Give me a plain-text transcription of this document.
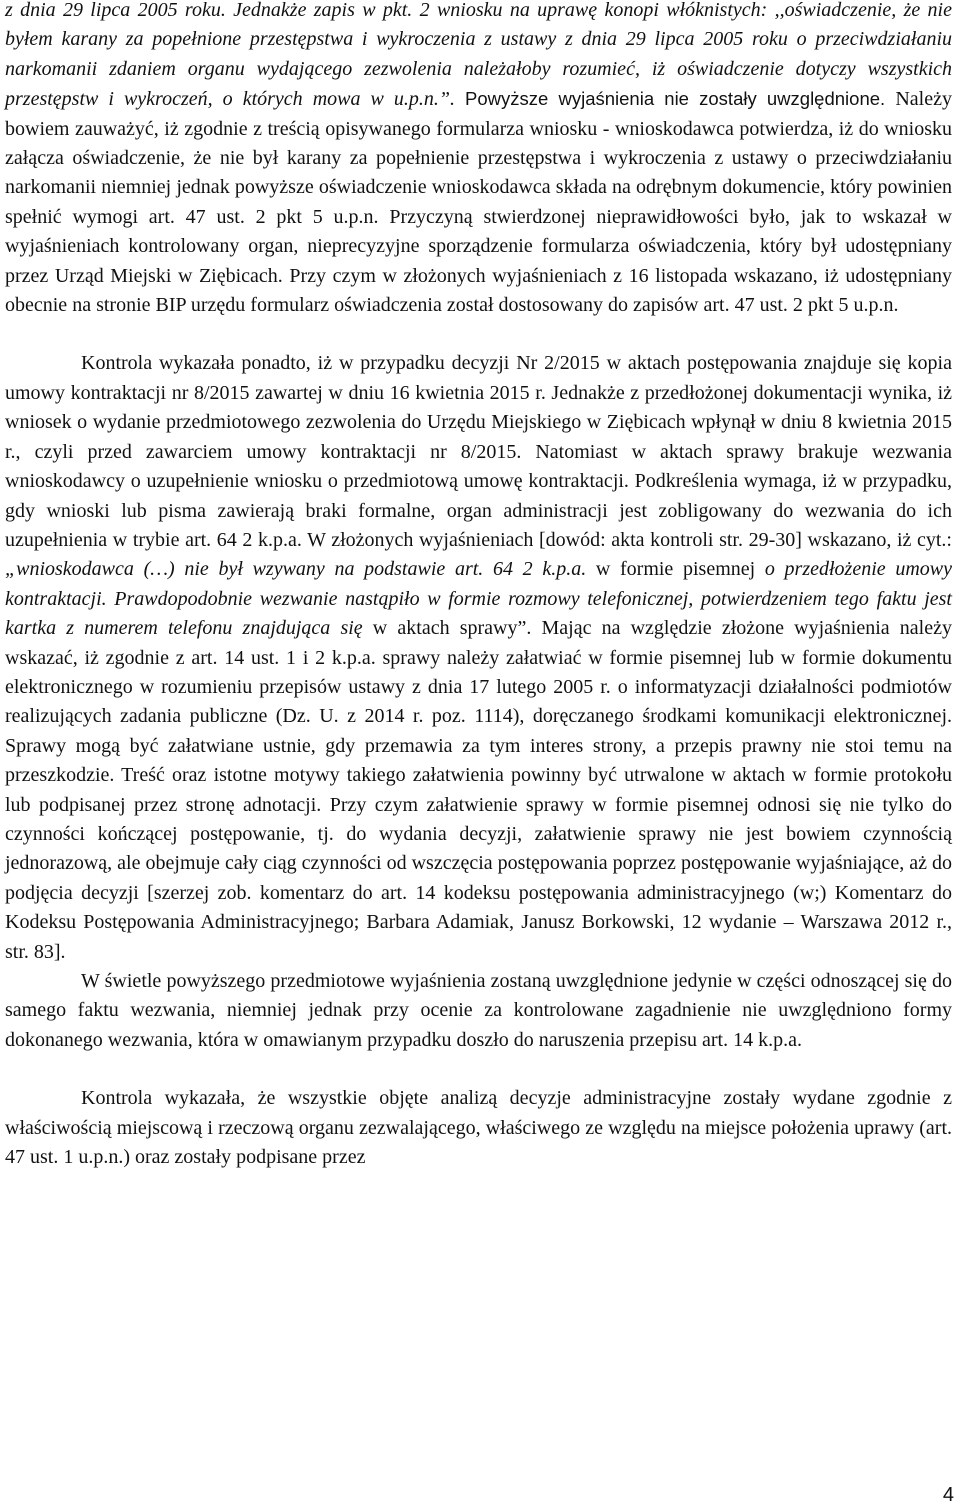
z dnia 29 lipca 2005 roku. Jednakże zapis w pkt. 2 wniosku na uprawę konopi włóknistych: ,,oświadczenie, że nie byłem karany za popełnione przestępstwa i wykroczenia z ustawy z dnia 29 lipca 2005 roku o przeciwdziałaniu narkomanii zdaniem organu wydającego zezwolenia należałoby rozumieć, iż oświadczenie dotyczy wszystkich przestępstw i wykroczeń, o których mowa w u.p.n.”. Powyższe wyjaśnienia nie zostały uwzględnione. Należy bowiem zauważyć, iż zgodnie z treścią opisywanego formularza wniosku - wnioskodawca potwierdza, iż do wniosku załącza oświadczenie, że nie był karany za popełnienie przestępstwa i wykroczenia z ustawy o przeciwdziałaniu narkomanii niemniej jednak powyższe oświadczenie wnioskodawca składa na odrębnym dokumencie, który powinien spełnić wymogi art. 47 ust. 2 pkt 5 u.p.n. Przyczyną stwierdzonej nieprawidłowości było, jak to wskazał w wyjaśnieniach kontrolowany organ, nieprecyzyjne sporządzenie formularza oświadczenia, który był udostępniany przez Urząd Miejski w Ziębicach. Przy czym w złożonych wyjaśnieniach z 16 listopada wskazano, iż udostępniany obecnie na stronie BIP urzędu formularz oświadczenia został dostosowany do zapisów art. 47 ust. 2 pkt 5 u.p.n.

Kontrola wykazała ponadto, iż w przypadku decyzji Nr 2/2015 w aktach postępowania znajduje się kopia umowy kontraktacji nr 8/2015 zawartej w dniu 16 kwietnia 2015 r. Jednakże z przedłożonej dokumentacji wynika, iż wniosek o wydanie przedmiotowego zezwolenia do Urzędu Miejskiego w Ziębicach wpłynął w dniu 8 kwietnia 2015 r., czyli przed zawarciem umowy kontraktacji nr 8/2015. Natomiast w aktach sprawy brakuje wezwania wnioskodawcy o uzupełnienie wniosku o przedmiotową umowę kontraktacji. Podkreślenia wymaga, iż w przypadku, gdy wnioski lub pisma zawierają braki formalne, organ administracji jest zobligowany do wezwania do ich uzupełnienia w trybie art. 64 2 k.p.a. W złożonych wyjaśnieniach [dowód: akta kontroli str. 29-30] wskazano, iż cyt.: „wnioskodawca (…) nie był wzywany na podstawie art. 64 2 k.p.a. w formie pisemnej o przedłożenie umowy kontraktacji. Prawdopodobnie wezwanie nastąpiło w formie rozmowy telefonicznej, potwierdzeniem tego faktu jest kartka z numerem telefonu znajdująca się w aktach sprawy”. Mając na względzie złożone wyjaśnienia należy wskazać, iż zgodnie z art. 14 ust. 1 i 2 k.p.a. sprawy należy załatwiać w formie pisemnej lub w formie dokumentu elektronicznego w rozumieniu przepisów ustawy z dnia 17 lutego 2005 r. o informatyzacji działalności podmiotów realizujących zadania publiczne (Dz. U. z 2014 r. poz. 1114), doręczanego środkami komunikacji elektronicznej. Sprawy mogą być załatwiane ustnie, gdy przemawia za tym interes strony, a przepis prawny nie stoi temu na przeszkodzie. Treść oraz istotne motywy takiego załatwienia powinny być utrwalone w aktach w formie protokołu lub podpisanej przez stronę adnotacji. Przy czym załatwienie sprawy w formie pisemnej odnosi się nie tylko do czynności kończącej postępowanie, tj. do wydania decyzji, załatwienie sprawy nie jest bowiem czynnością jednorazową, ale obejmuje cały ciąg czynności od wszczęcia postępowania poprzez postępowanie wyjaśniające, aż do podjęcia decyzji [szerzej zob. komentarz do art. 14 kodeksu postępowania administracyjnego (w;) Komentarz do Kodeksu Postępowania Administracyjnego; Barbara Adamiak, Janusz Borkowski, 12 wydanie – Warszawa 2012 r., str. 83].

W świetle powyższego przedmiotowe wyjaśnienia zostaną uwzględnione jedynie w części odnoszącej się do samego faktu wezwania, niemniej jednak przy ocenie za kontrolowane zagadnienie nie uwzględniono formy dokonanego wezwania, która w omawianym przypadku doszło do naruszenia przepisu art. 14 k.p.a.

Kontrola wykazała, że wszystkie objęte analizą decyzje administracyjne zostały wydane zgodnie z właściwością miejscową i rzeczową organu zezwalającego, właściwego ze względu na miejsce położenia uprawy (art. 47 ust. 1 u.p.n.) oraz zostały podpisane przez

4
